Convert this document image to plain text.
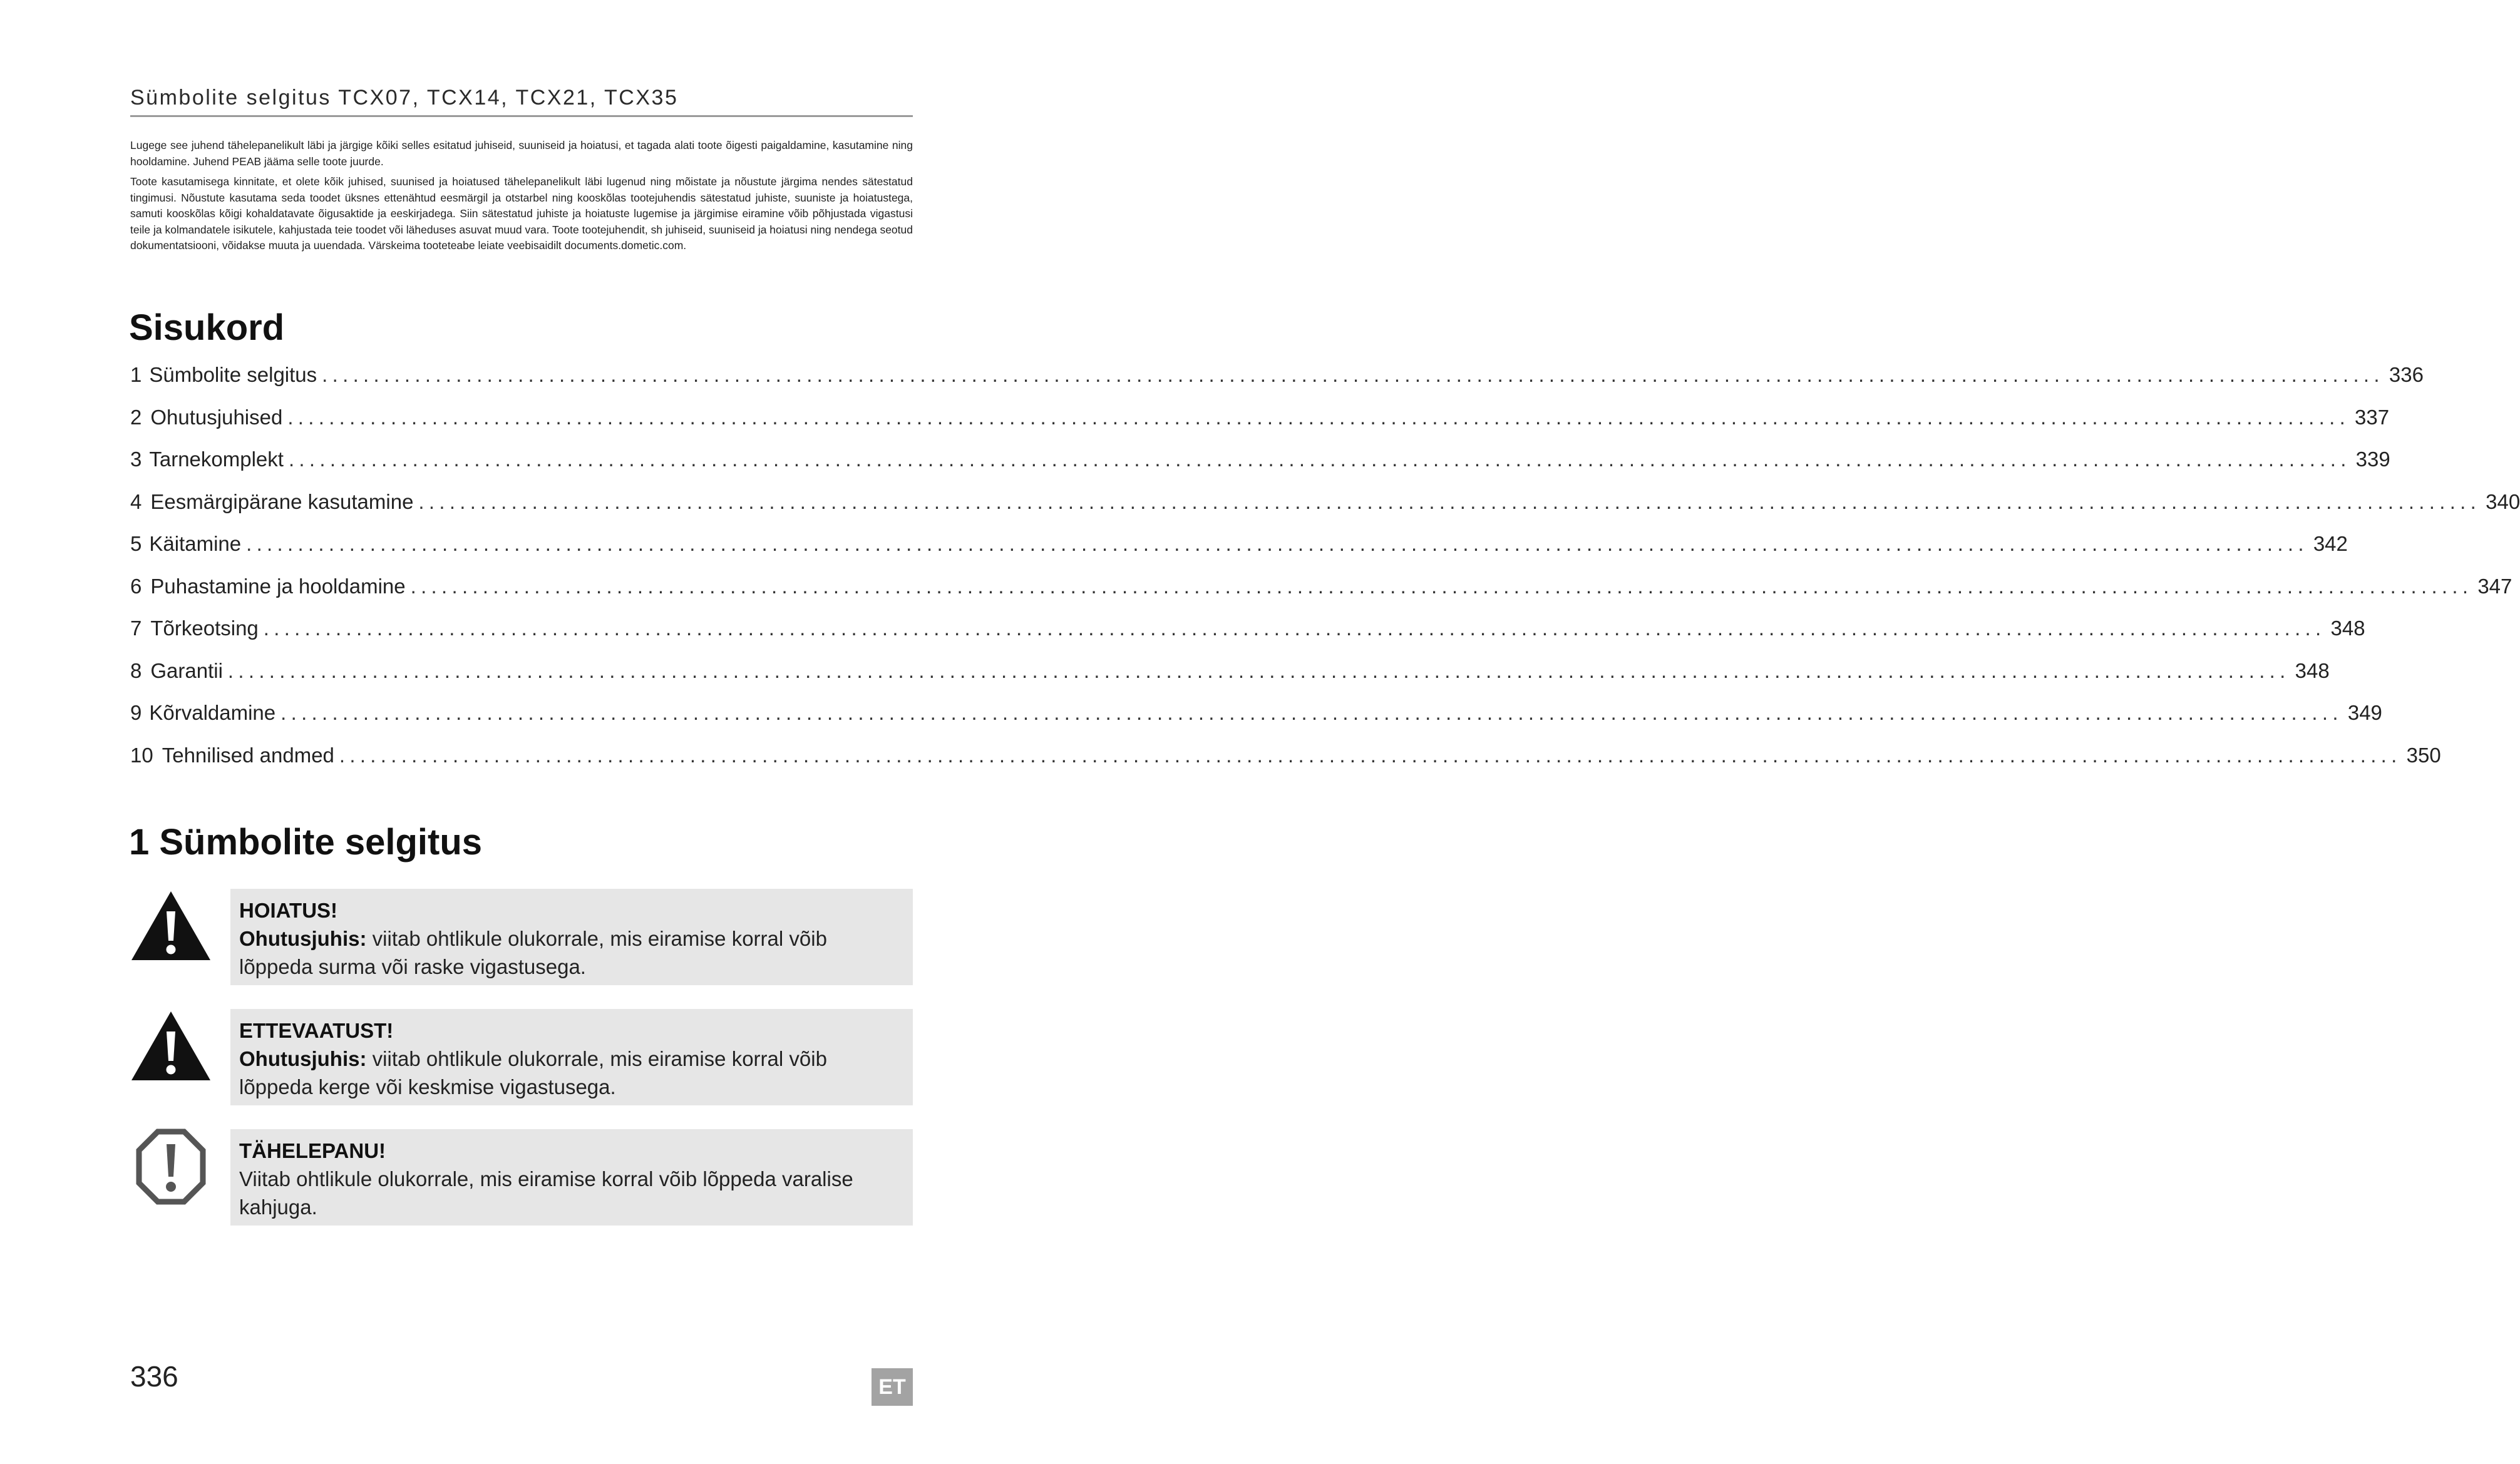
Sümbolite selgitus TCX07, TCX14, TCX21, TCX35

Lugege see juhend tähelepanelikult läbi ja järgige kõiki selles esitatud juhiseid, suuniseid ja hoiatusi, et tagada alati toote õigesti paigaldamine, kasutamine ning hooldamine. Juhend PEAB jääma selle toote juurde.

Toote kasutamisega kinnitate, et olete kõik juhised, suunised ja hoiatused tähelepanelikult läbi lugenud ning mõistate ja nõustute järgima nendes sätestatud tingimusi. Nõustute kasutama seda toodet üksnes ettenähtud eesmärgil ja otstarbel ning kooskõlas tootejuhendis sätestatud juhiste, suuniste ja hoiatustega, samuti kooskõlas kõigi kohaldatavate õigusaktide ja eeskirjadega. Siin sätestatud juhiste ja hoiatuste lugemise ja järgimise eiramine võib põhjustada vigastusi teile ja kolmandatele isikutele, kahjustada teie toodet või läheduses asuvat muud vara. Toote tootejuhendit, sh juhiseid, suuniseid ja hoiatusi ning nendega seotud dokumentatsiooni, võidakse muuta ja uuendada. Värskeima tooteteabe leiate veebisaidilt documents.dometic.com.

Sisukord
1 Sümbolite selgitus ........................................................................................................................................................................................................ 336
2 Ohutusjuhised ........................................................................................................................................................................................................ 337
3 Tarnekomplekt ........................................................................................................................................................................................................ 339
4 Eesmärgipärane kasutamine ........................................................................................................................................................................................................ 340
5 Käitamine ........................................................................................................................................................................................................ 342
6 Puhastamine ja hooldamine ........................................................................................................................................................................................................ 347
7 Tõrkeotsing ........................................................................................................................................................................................................ 348
8 Garantii ........................................................................................................................................................................................................ 348
9 Kõrvaldamine ........................................................................................................................................................................................................ 349
10 Tehnilised andmed ........................................................................................................................................................................................................ 350
1 Sümbolite selgitus
HOIATUS!
Ohutusjuhis: viitab ohtlikule olukorrale, mis eiramise korral võib lõppeda surma või raske vigastusega.
ETTEVAATUST!
Ohutusjuhis: viitab ohtlikule olukorrale, mis eiramise korral võib lõppeda kerge või keskmise vigastusega.
TÄHELEPANU!
Viitab ohtlikule olukorrale, mis eiramise korral võib lõppeda varalise kahjuga.
336	ET
